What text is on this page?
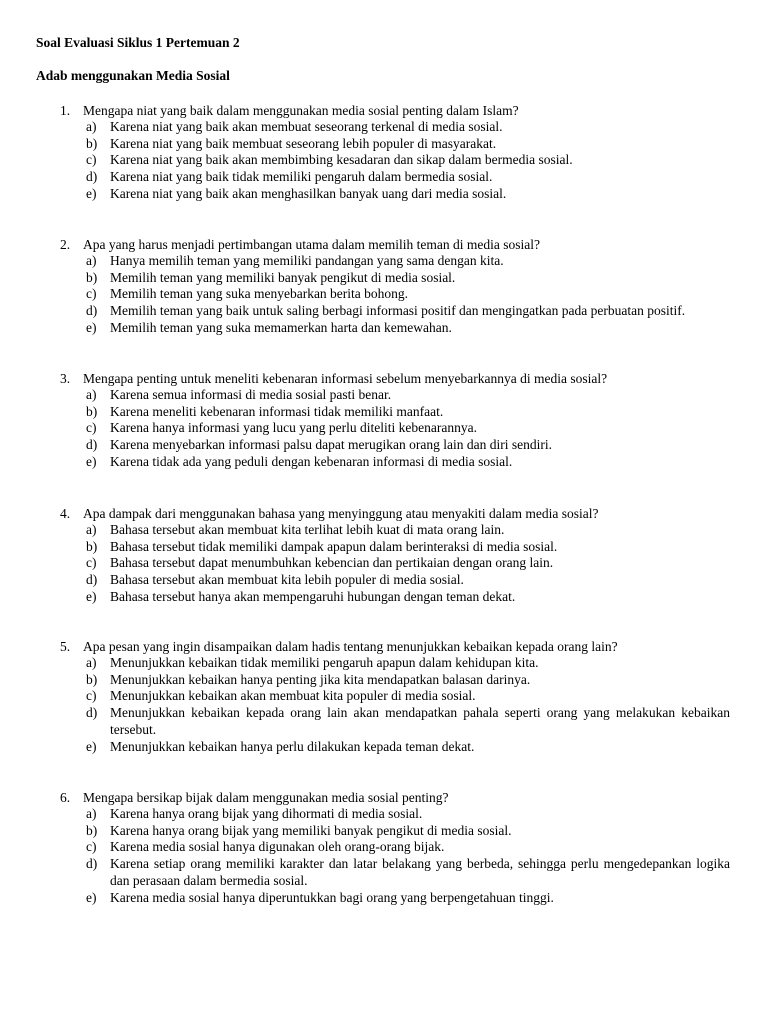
Soal Evaluasi Siklus 1 Pertemuan 2
Adab menggunakan Media Sosial
1. Mengapa niat yang baik dalam menggunakan media sosial penting dalam Islam?
a) Karena niat yang baik akan membuat seseorang terkenal di media sosial.
b) Karena niat yang baik membuat seseorang lebih populer di masyarakat.
c) Karena niat yang baik akan membimbing kesadaran dan sikap dalam bermedia sosial.
d) Karena niat yang baik tidak memiliki pengaruh dalam bermedia sosial.
e) Karena niat yang baik akan menghasilkan banyak uang dari media sosial.
2. Apa yang harus menjadi pertimbangan utama dalam memilih teman di media sosial?
a) Hanya memilih teman yang memiliki pandangan yang sama dengan kita.
b) Memilih teman yang memiliki banyak pengikut di media sosial.
c) Memilih teman yang suka menyebarkan berita bohong.
d) Memilih teman yang baik untuk saling berbagi informasi positif dan mengingatkan pada perbuatan positif.
e) Memilih teman yang suka memamerkan harta dan kemewahan.
3. Mengapa penting untuk meneliti kebenaran informasi sebelum menyebarkannya di media sosial?
a) Karena semua informasi di media sosial pasti benar.
b) Karena meneliti kebenaran informasi tidak memiliki manfaat.
c) Karena hanya informasi yang lucu yang perlu diteliti kebenarannya.
d) Karena menyebarkan informasi palsu dapat merugikan orang lain dan diri sendiri.
e) Karena tidak ada yang peduli dengan kebenaran informasi di media sosial.
4. Apa dampak dari menggunakan bahasa yang menyinggung atau menyakiti dalam media sosial?
a) Bahasa tersebut akan membuat kita terlihat lebih kuat di mata orang lain.
b) Bahasa tersebut tidak memiliki dampak apapun dalam berinteraksi di media sosial.
c) Bahasa tersebut dapat menumbuhkan kebencian dan pertikaian dengan orang lain.
d) Bahasa tersebut akan membuat kita lebih populer di media sosial.
e) Bahasa tersebut hanya akan mempengaruhi hubungan dengan teman dekat.
5. Apa pesan yang ingin disampaikan dalam hadis tentang menunjukkan kebaikan kepada orang lain?
a) Menunjukkan kebaikan tidak memiliki pengaruh apapun dalam kehidupan kita.
b) Menunjukkan kebaikan hanya penting jika kita mendapatkan balasan darinya.
c) Menunjukkan kebaikan akan membuat kita populer di media sosial.
d) Menunjukkan kebaikan kepada orang lain akan mendapatkan pahala seperti orang yang melakukan kebaikan tersebut.
e) Menunjukkan kebaikan hanya perlu dilakukan kepada teman dekat.
6. Mengapa bersikap bijak dalam menggunakan media sosial penting?
a) Karena hanya orang bijak yang dihormati di media sosial.
b) Karena hanya orang bijak yang memiliki banyak pengikut di media sosial.
c) Karena media sosial hanya digunakan oleh orang-orang bijak.
d) Karena setiap orang memiliki karakter dan latar belakang yang berbeda, sehingga perlu mengedepankan logika dan perasaan dalam bermedia sosial.
e) Karena media sosial hanya diperuntukkan bagi orang yang berpengetahuan tinggi.
